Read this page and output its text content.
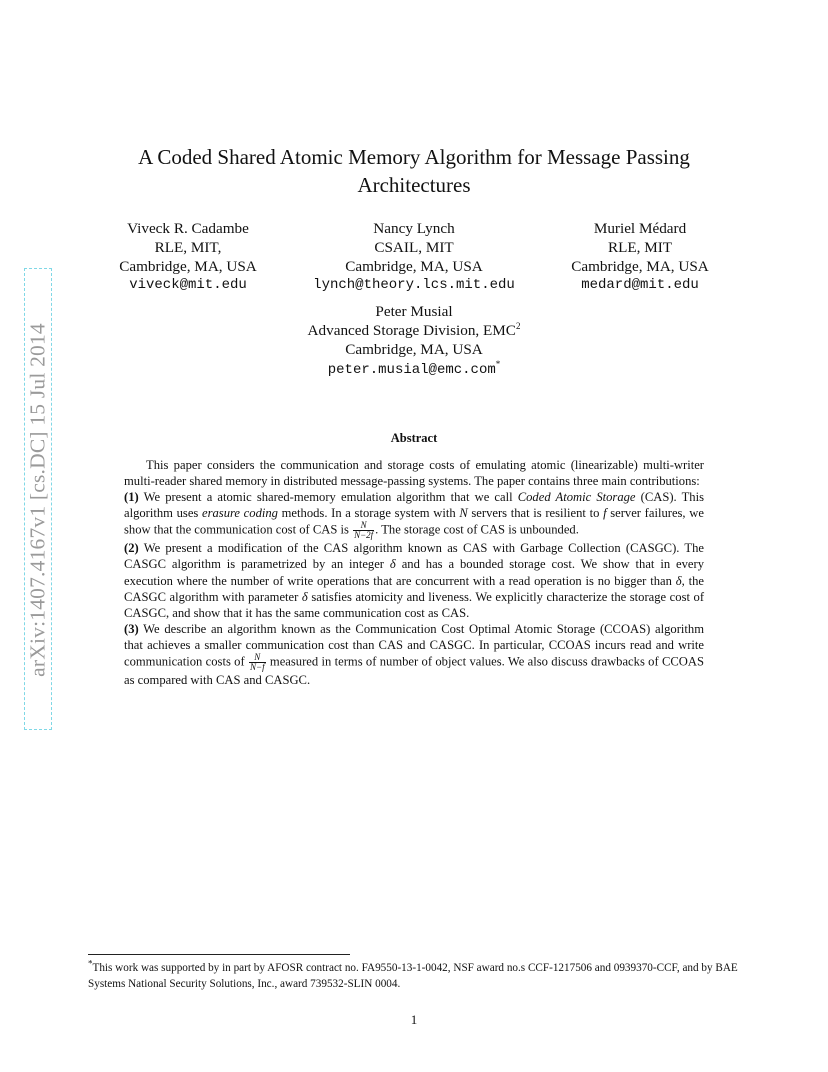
arXiv:1407.4167v1 [cs.DC] 15 Jul 2014
A Coded Shared Atomic Memory Algorithm for Message Passing Architectures
Viveck R. Cadambe
RLE, MIT,
Cambridge, MA, USA
viveck@mit.edu
Nancy Lynch
CSAIL, MIT
Cambridge, MA, USA
lynch@theory.lcs.mit.edu
Muriel Médard
RLE, MIT
Cambridge, MA, USA
medard@mit.edu
Peter Musial
Advanced Storage Division, EMC$^2$
Cambridge, MA, USA
peter.musial@emc.com*
Abstract

This paper considers the communication and storage costs of emulating atomic (linearizable) multi-writer multi-reader shared memory in distributed message-passing systems. The paper contains three main contributions:

(1) We present a atomic shared-memory emulation algorithm that we call Coded Atomic Storage (CAS). This algorithm uses erasure coding methods. In a storage system with N servers that is resilient to f server failures, we show that the communication cost of CAS is $\frac{N}{N-2f}$ . The storage cost of CAS is unbounded.

(2) We present a modification of the CAS algorithm known as CAS with Garbage Collection (CASGC). The CASGC algorithm is parametrized by an integer δ and has a bounded storage cost. We show that in every execution where the number of write operations that are concurrent with a read operation is no bigger than δ, the CASGC algorithm with parameter δ satisfies atomicity and liveness. We explicitly characterize the storage cost of CASGC, and show that it has the same communication cost as CAS.

(3) We describe an algorithm known as the Communication Cost Optimal Atomic Storage (CCOAS) algorithm that achieves a smaller communication cost than CAS and CASGC. In particular, CCOAS incurs read and write communication costs of $\frac{N}{N-f}$ measured in terms of number of object values. We also discuss drawbacks of CCOAS as compared with CAS and CASGC.

*This work was supported by in part by AFOSR contract no. FA9550-13-1-0042, NSF award no.s CCF-1217506 and 0939370-CCF, and by BAE Systems National Security Solutions, Inc., award 739532-SLIN 0004.
1
